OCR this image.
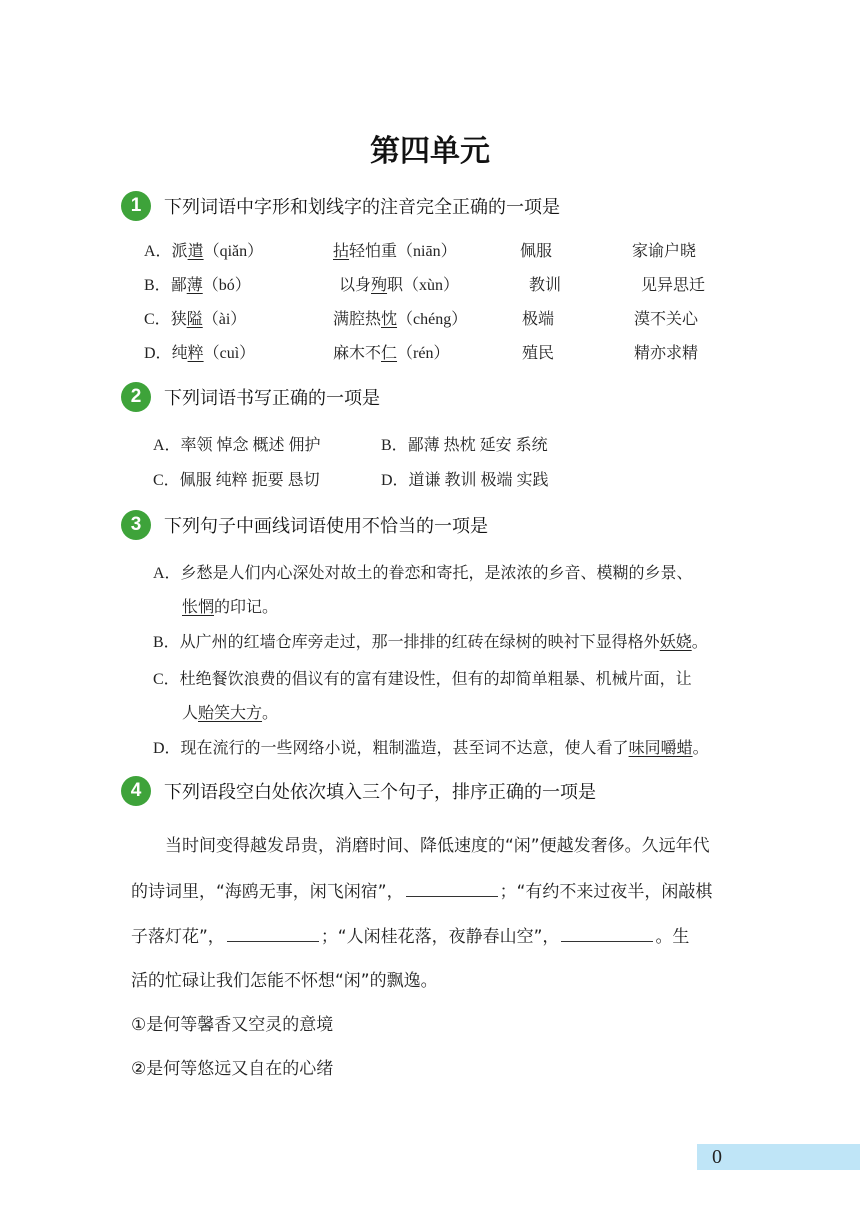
第四单元
1	下列词语中字形和划线字的注音完全正确的一项是
A．派遣（qiǎn）	拈轻怕重（niān）	佩服	家谕户晓
B．鄙薄（bó）	以身殉职（xùn）	教训	见异思迁
C．狭隘（ài）	满腔热忱（chéng）	极端	漠不关心
D．纯粹（cuì）	麻木不仁（rén）	殖民	精亦求精
2	下列词语书写正确的一项是
A．率领 悼念 概述 佣护	B．鄙薄 热枕 延安 系统
C．佩服 纯粹 扼要 恳切	D．道谦 教训 极端 实践
3	下列句子中画线词语使用不恰当的一项是
A．乡愁是人们内心深处对故土的眷恋和寄托，是浓浓的乡音、模糊的乡景、
怅惘的印记。
B．从广州的红墙仓库旁走过，那一排排的红砖在绿树的映衬下显得格外妖娆。
C．杜绝餐饮浪费的倡议有的富有建设性，但有的却简单粗暴、机械片面，让
人贻笑大方。
D．现在流行的一些网络小说，粗制滥造，甚至词不达意，使人看了味同嚼蜡。
4	下列语段空白处依次填入三个句子，排序正确的一项是
当时间变得越发昂贵，消磨时间、降低速度的“闲”便越发奢侈。久远年代
的诗词里，“海鸥无事，闲飞闲宿”，	；“有约不来过夜半，闲敲棋
子落灯花”，	；“人闲桂花落，夜静春山空”，	。生
活的忙碌让我们怎能不怀想“闲”的飘逸。
①是何等馨香又空灵的意境
②是何等悠远又自在的心绪
0
